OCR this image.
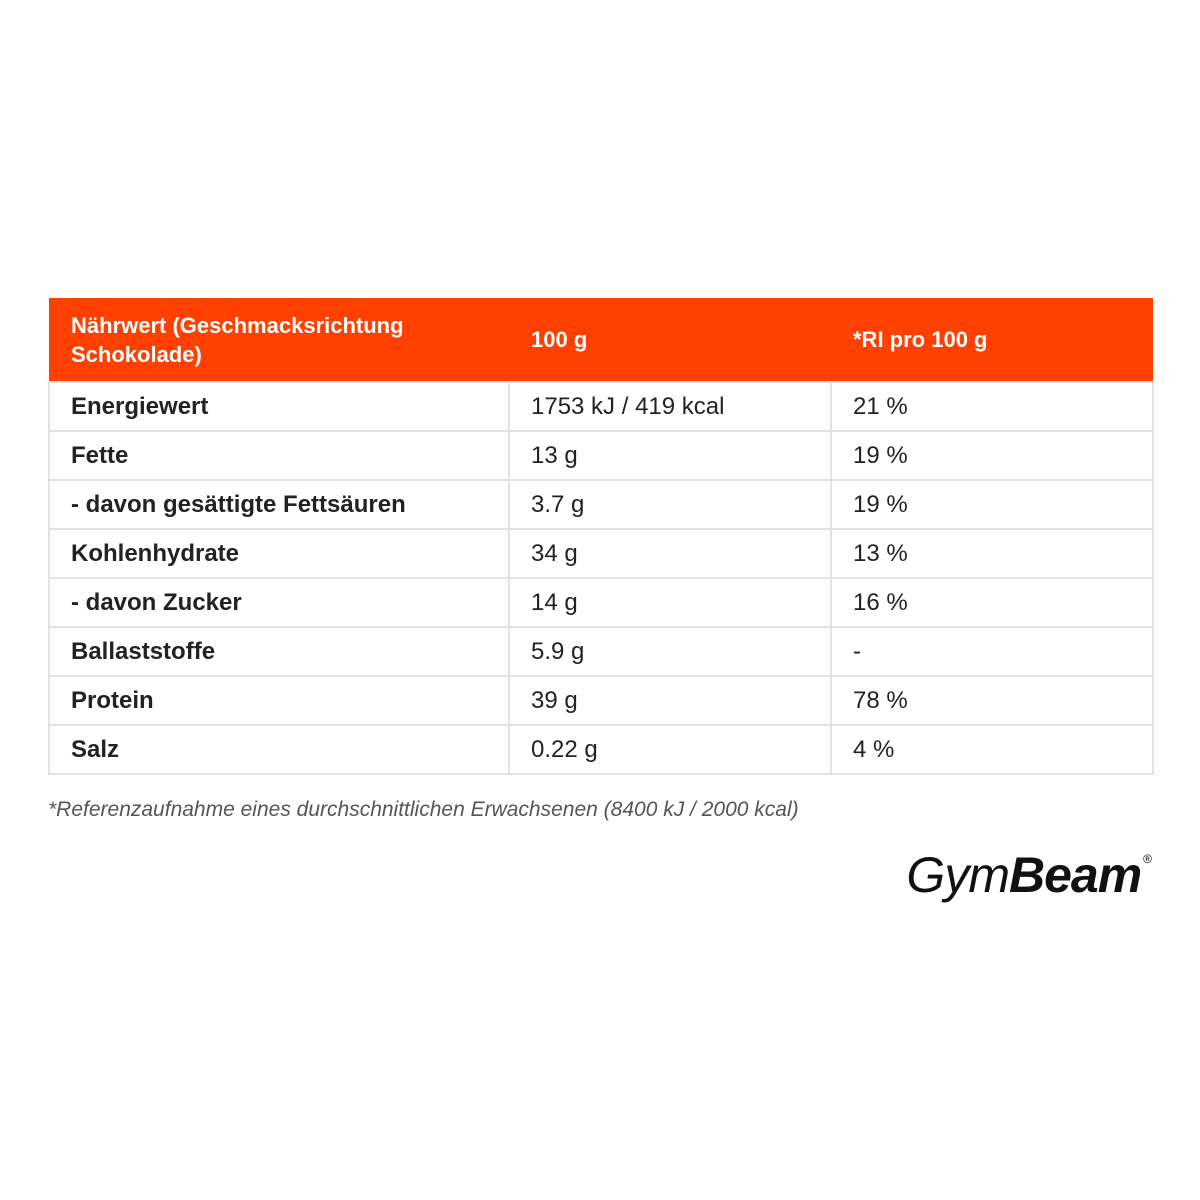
Nährwert (Geschmacksrichtung Schokolade)	100 g	*RI pro 100 g
Energiewert	1753 kJ / 419 kcal	21 %
Fette	13 g	19 %
- davon gesättigte Fettsäuren	3.7 g	19 %
Kohlenhydrate	34 g	13 %
- davon Zucker	14 g	16 %
Ballaststoffe	5.9 g	-
Protein	39 g	78 %
Salz	0.22 g	4 %
*Referenzaufnahme eines durchschnittlichen Erwachsenen (8400 kJ / 2000 kcal)
Gym Beam ®
